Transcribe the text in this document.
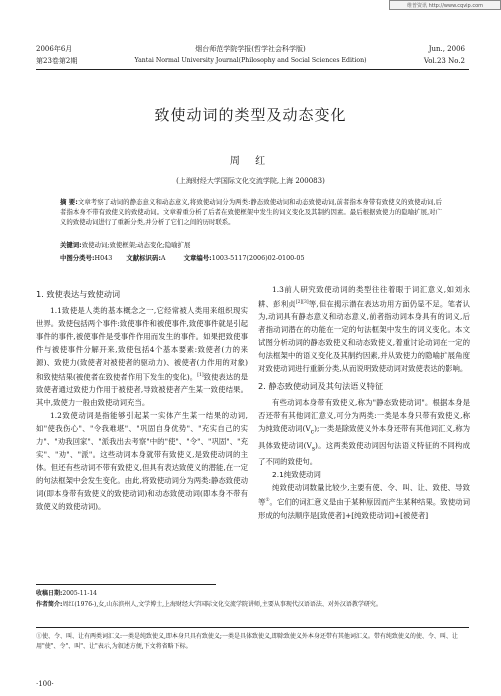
维普资讯 http://www.cqvip.com
2006年6月
第23卷第2期
烟台师范学院学报(哲学社会科学版)
Yantai Normal University Journal(Philosophy and Social Sciences Edition)
Jun., 2006
Vol.23 No.2
致使动词的类型及动态变化
周 红
(上海财经大学国际文化交流学院,上海 200083)
摘 要:文章考察了动词的静态意义和动态意义,将致使动词分为两类:静态致使动词和动态致使动词,前者指本身带有致使义的致使动词,后者指本身不带有致使义的致使动词。文章着重分析了后者在致使框架中发生的词义变化及其制约因素。最后根据致使力的隐喻扩展,对广义的致使动词进行了重新分类,并分析了它们之间的历时联系。
关键词:致使动词;致使框架;动态变化;隐喻扩展
中图分类号:H043 文献标识码:A	文章编号:1003-5117(2006)02-0100-05
1. 致使表达与致使动词

1.1致使是人类的基本概念之一,它经常被人类用来组织现实世界。致使包括两个事件:致使事件和被使事件,致使事件就是引起事件的事件,被使事件是受事件作用而发生的事件。如果把致使事件与被使事件分解开来,致使包括4个基本要素:致使者(力的来源)、致使力(致使者对被使者的驱动力)、被使者(力作用的对象)和致使结果(被使者在致使者作用下发生的变化)。[1]致使表达的是致使者通过致使力作用于被使者,导致被使者产生某一致使结果。其中,致使力一般由致使动词充当。

1.2致使动词是指能够引起某一实体产生某一结果的动词,如"使我伤心"、"令我难堪"、"巩固自身优势"、"充实自己的实力"、"劝我回家"、"派我出去考察"中的"使"、"令"、"巩固"、"充实"、"劝"、"派"。这些动词本身就带有致使义,是致使动词的主体。但还有些动词不带有致使义,但具有表达致使义的潜能,在一定的句法框架中会发生变化。由此,将致使动词分为两类:静态致使动词(即本身带有致使义的致使动词)和动态致使动词(即本身不带有致使义的致使动词)。

1.3前人研究致使动词的类型往往着眼于词汇意义,如刘永耕、彭利贞[2][3]等,但在揭示潜在表达功用方面仍显不足。笔者认为,动词具有静态意义和动态意义,前者指动词本身具有的词义,后者指动词潜在的功能在一定的句法框架中发生的词义变化。本文试图分析动词的静态致使义和动态致使义,着重讨论动词在一定的句法框架中的语义变化及其制约因素,并从致使力的隐喻扩展角度对致使动词进行重新分类,从而说明致使动词对致使表达的影响。

2. 静态致使动词及其句法语义特征

有些动词本身带有致使义,称为"静态致使动词"。根据本身是否还带有其他词汇意义,可分为两类:一类是本身只带有致使义,称为纯致使动词$(V_c)$;一类是除致使义外本身还带有其他词汇义,称为具体致使动词$(V_s)$。这两类致使动词因句法语义特征的不同构成了不同的致使句。

2.1纯致使动词

纯致使动词数量比较少,主要有使、令、叫、让、致使、导致等①。它们的词汇意义是由于某种原因而产生某种结果。致使动词形成的句法顺序是[致使者]+[纯致使动词]+[被使者]

收稿日期:2005-11-14
作者简介:周红(1976-),女,山东滨州人,文学博士,上海财经大学国际文化交流学院讲师,主要从事现代汉语语法、对外汉语教学研究。
①使、令、叫、让有两类词汇义:一类是纯致使义,即本身只具有致使义;一类是具体致使义,即除致使义外本身还带有其他词汇义。带有纯致使义的使、令、叫、让用"使"、令"、叫"、让"表示,为叙述方便,下文将省略下标。
·100·
